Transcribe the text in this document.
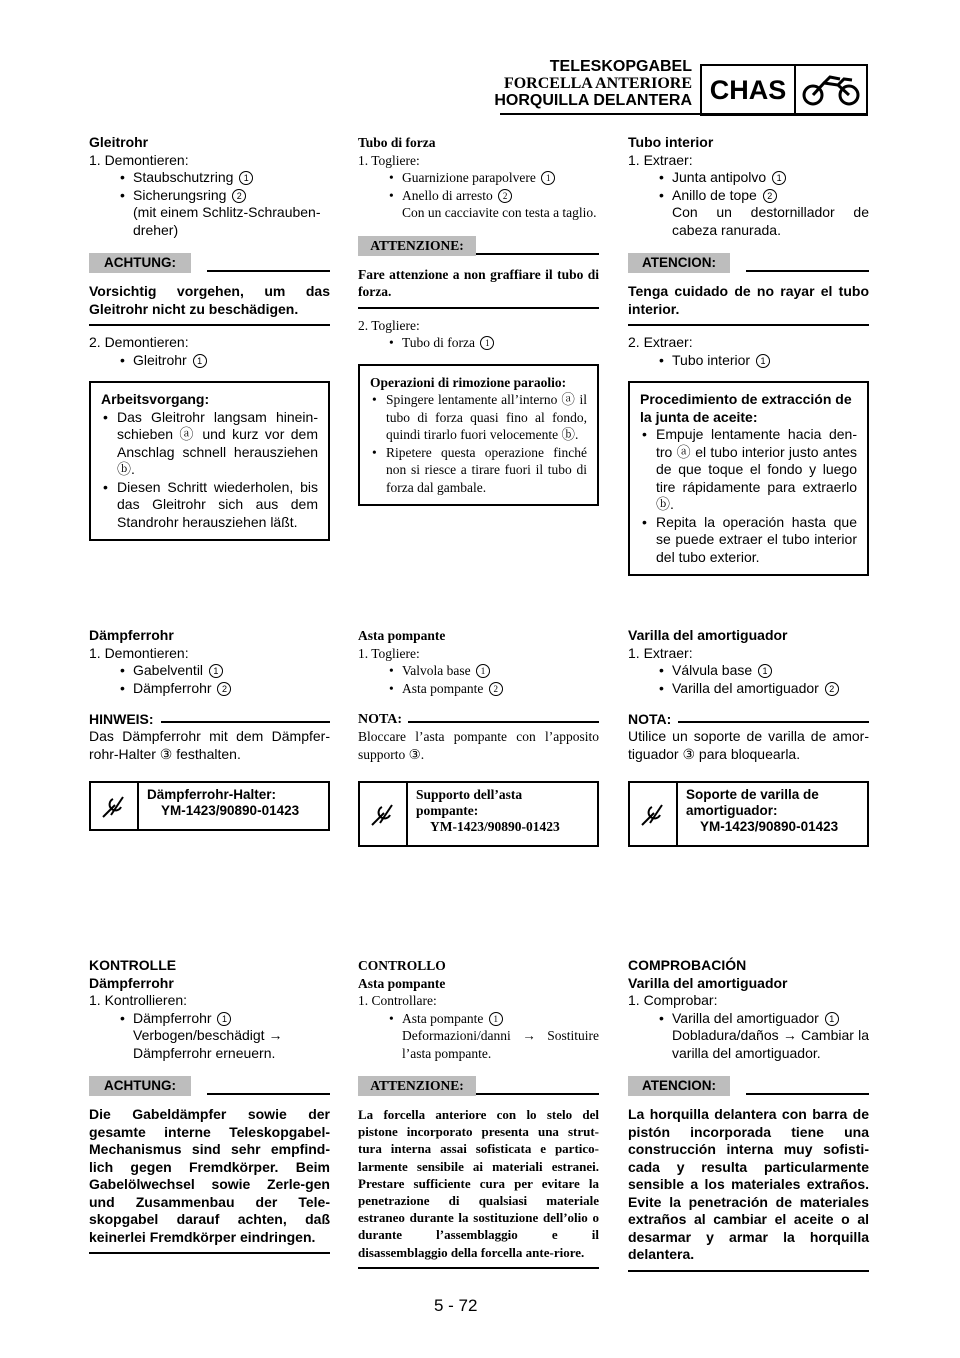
TELESKOPGABEL
FORCELLA ANTERIORE
HORQUILLA DELANTERA CHAS

Gleitrohr

1. Demontieren:

• Staubschutzring 1

• Sicherungsring 2

(mit einem Schlitz-Schrauben-dreher)

ACHTUNG:

Vorsichtig vorgehen, um das Gleitrohr nicht zu beschädigen.

2. Demontieren:

• Gleitrohr 1

Arbeitsvorgang:

• Das Gleitrohr langsam hinein-schieben ⓐ und kurz vor dem Anschlag schnell herausziehen ⓑ.

• Diesen Schritt wiederholen, bis das Gleitrohr sich aus dem Standrohr herausziehen läßt.

Dämpferrohr

1. Demontieren:

• Gabelventil 1

• Dämpferrohr 2

HINWEIS:

Das Dämpferrohr mit dem Dämpfer-rohr-Halter ③ festhalten.

Dämpferrohr-Halter:
YM-1423/90890-01423

KONTROLLE

Dämpferrohr

1. Kontrollieren:

• Dämpferrohr 1

Verbogen/beschädigt → Dämpferrohr erneuern.

ACHTUNG:

Die Gabeldämpfer sowie der gesamte interne Teleskopgabel-Mechanismus sind sehr empfind-lich gegen Fremdkörper. Beim Gabelölwechsel sowie Zerle-gen und Zusammenbau der Tele-skopgabel darauf achten, daß keinerlei Fremdkörper eindringen.

Tubo di forza

1. Togliere:

• Guarnizione parapolvere 1

• Anello di arresto 2

Con un cacciavite con testa a taglio.

ATTENZIONE:

Fare attenzione a non graffiare il tubo di forza.

2. Togliere:

• Tubo di forza 1

Operazioni di rimozione paraolio:

• Spingere lentamente all’interno ⓐ il tubo di forza quasi fino al fondo, quindi tirarlo fuori velocemente ⓑ.

• Ripetere questa operazione finché non si riesce a tirare fuori il tubo di forza dal gambale.

Asta pompante

1. Togliere:

• Valvola base 1

• Asta pompante 2

NOTA:

Bloccare l’asta pompante con l’apposito supporto ③.

Supporto dell’asta pompante:
YM-1423/90890-01423

CONTROLLO

Asta pompante

1. Controllare:

• Asta pompante 1

Deformazioni/danni → Sostituire l’asta pompante.

ATTENZIONE:

La forcella anteriore con lo stelo del pistone incorporato presenta una strut-tura interna assai sofisticata e partico-larmente sensibile ai materiali estranei. Prestare sufficiente cura per evitare la penetrazione di qualsiasi materiale estraneo durante la sostituzione dell’olio o durante l’assemblaggio e il disassemblaggio della forcella ante-riore.

Tubo interior

1. Extraer:

• Junta antipolvo 1

• Anillo de tope 2

Con un destornillador de cabeza ranurada.

ATENCION:

Tenga cuidado de no rayar el tubo interior.

2. Extraer:

• Tubo interior 1

Procedimiento de extracción de la junta de aceite:

• Empuje lentamente hacia den-tro ⓐ el tubo interior justo antes de que toque el fondo y luego tire rápidamente para extraerlo ⓑ.

• Repita la operación hasta que se puede extraer el tubo interior del tubo exterior.

Varilla del amortiguador

1. Extraer:

• Válvula base 1

• Varilla del amortiguador 2

NOTA:

Utilice un soporte de varilla de amor-tiguador ③ para bloquearla.

Soporte de varilla de amortiguador:
YM-1423/90890-01423

COMPROBACIÓN

Varilla del amortiguador

1. Comprobar:

• Varilla del amortiguador 1

Dobladura/daños → Cambiar la varilla del amortiguador.

ATENCION:

La horquilla delantera con barra de pistón incorporada tiene una construcción interna muy sofisti-cada y resulta particularmente sensible a los materiales extraños. Evite la penetración de materiales extraños al cambiar el aceite o al desarmar y armar la horquilla delantera.

5 - 72
